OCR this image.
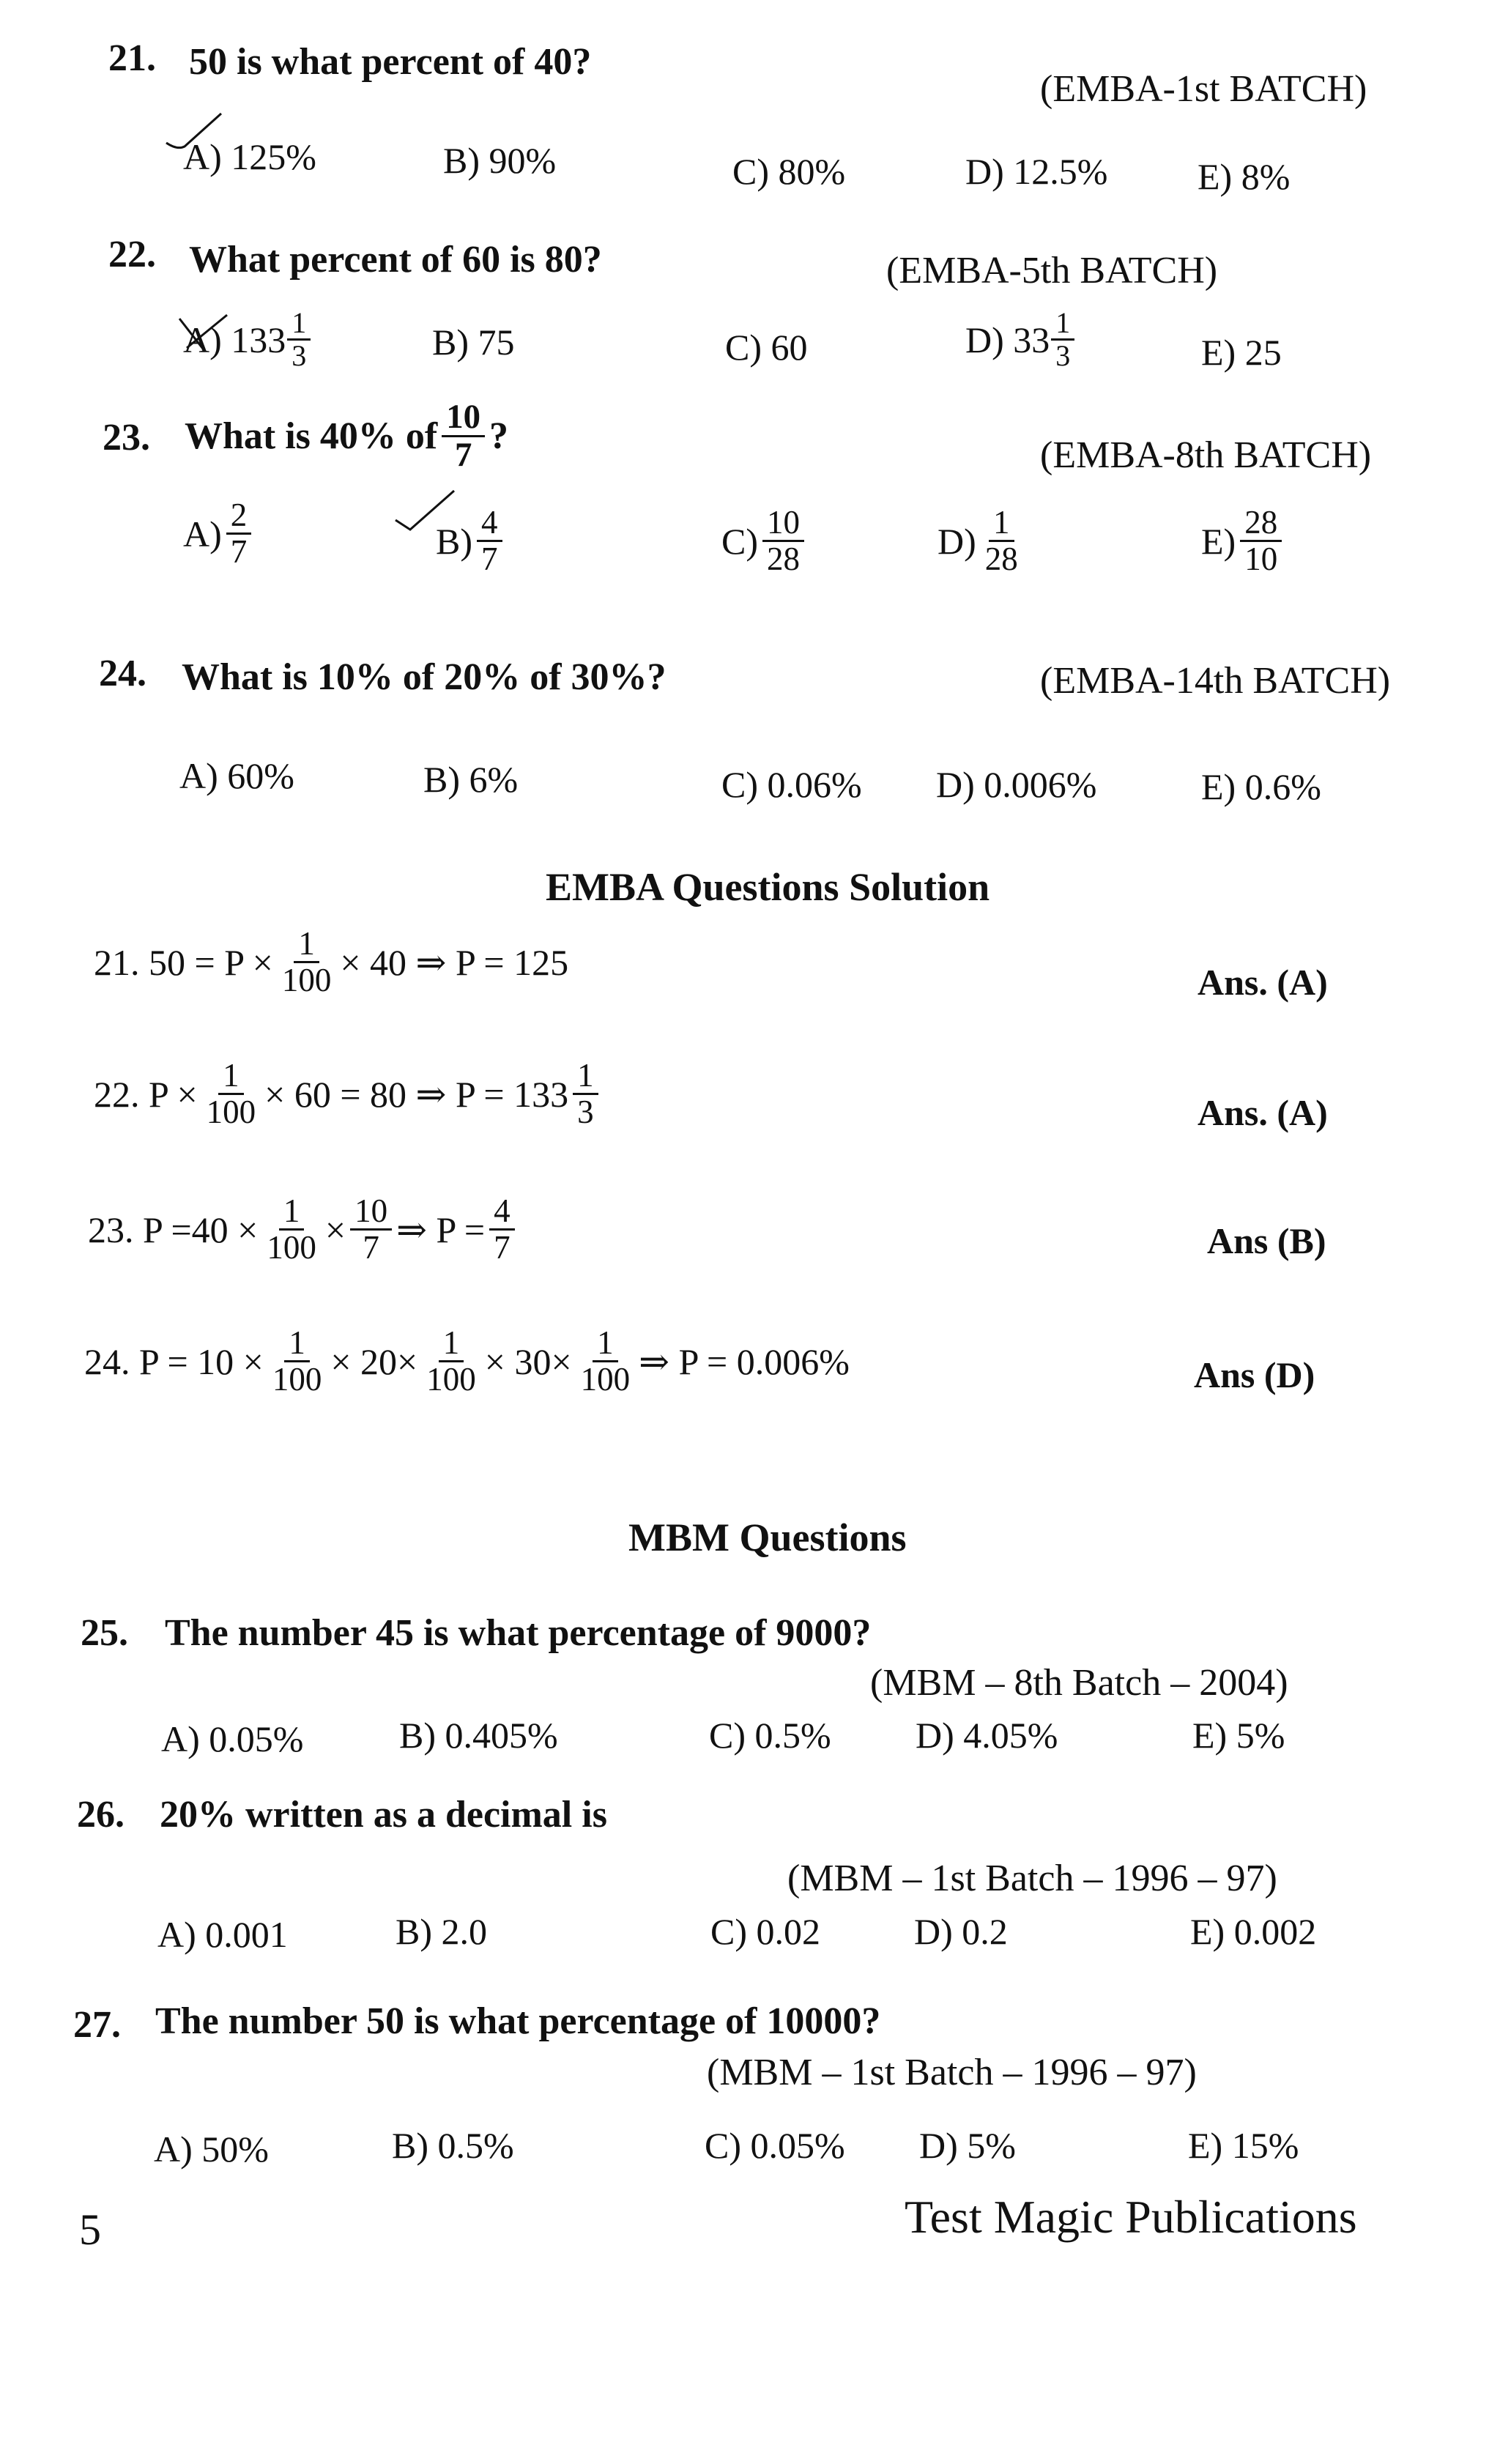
21. 50 is what percent of 40?
(EMBA-1st BATCH)
A) 125%	B) 90%	C) 80%	D) 12.5% E) 8%
22. What percent of 60 is 80?	(EMBA-5th BATCH)
A) $133 \frac{1}{3}$	B) 75	C) 60	D) $33 \frac{1}{3}$	E) 25
23. What is 40% of $\frac{10}{7}$ ?	(EMBA-8th BATCH)
$A) \frac{2}{7}$	$B) \frac{4}{7}$	$C) \frac{10}{28}$	$D) \frac{1}{28}$	$E) \frac{28}{10}$
24. What is 10% of 20% of 30%?	(EMBA-14th BATCH)
A) 60%	B) 6%	C) 0.06% D) 0.006%	E) 0.6%
EMBA Questions Solution
21. $50 = P \times \frac{1}{100} \times 40$ ⇒ P = 125	Ans. (A)
22. $P \times \frac{1}{100} \times 60 = 80$ ⇒ $P = 133 \frac{1}{3}$	Ans. (A)
23. $P =40 \times \frac{1}{100} \times \frac{10}{7}$ ⇒ $P = \frac{4}{7}$	Ans (B)
24. $P = 10 \times \frac{1}{100} \times 20\times \frac{1}{100} \times 30\times \frac{1}{100}$ ⇒ P = 0.006%	Ans (D)
MBM Questions
25. The number 45 is what percentage of 9000?
(MBM – 8th Batch – 2004)
A) 0.05%	B) 0.405%	C) 0.5% D) 4.05%	E) 5%
26. 20% written as a decimal is
(MBM – 1st Batch – 1996 – 97)
A) 0.001	B) 2.0	C) 0.02	D) 0.2	E) 0.002
27. The number 50 is what percentage of 10000?
(MBM – 1st Batch – 1996 – 97)
A) 50%	B) 0.5%	C) 0.05% D) 5%	E) 15%
5	Test Magic Publications
